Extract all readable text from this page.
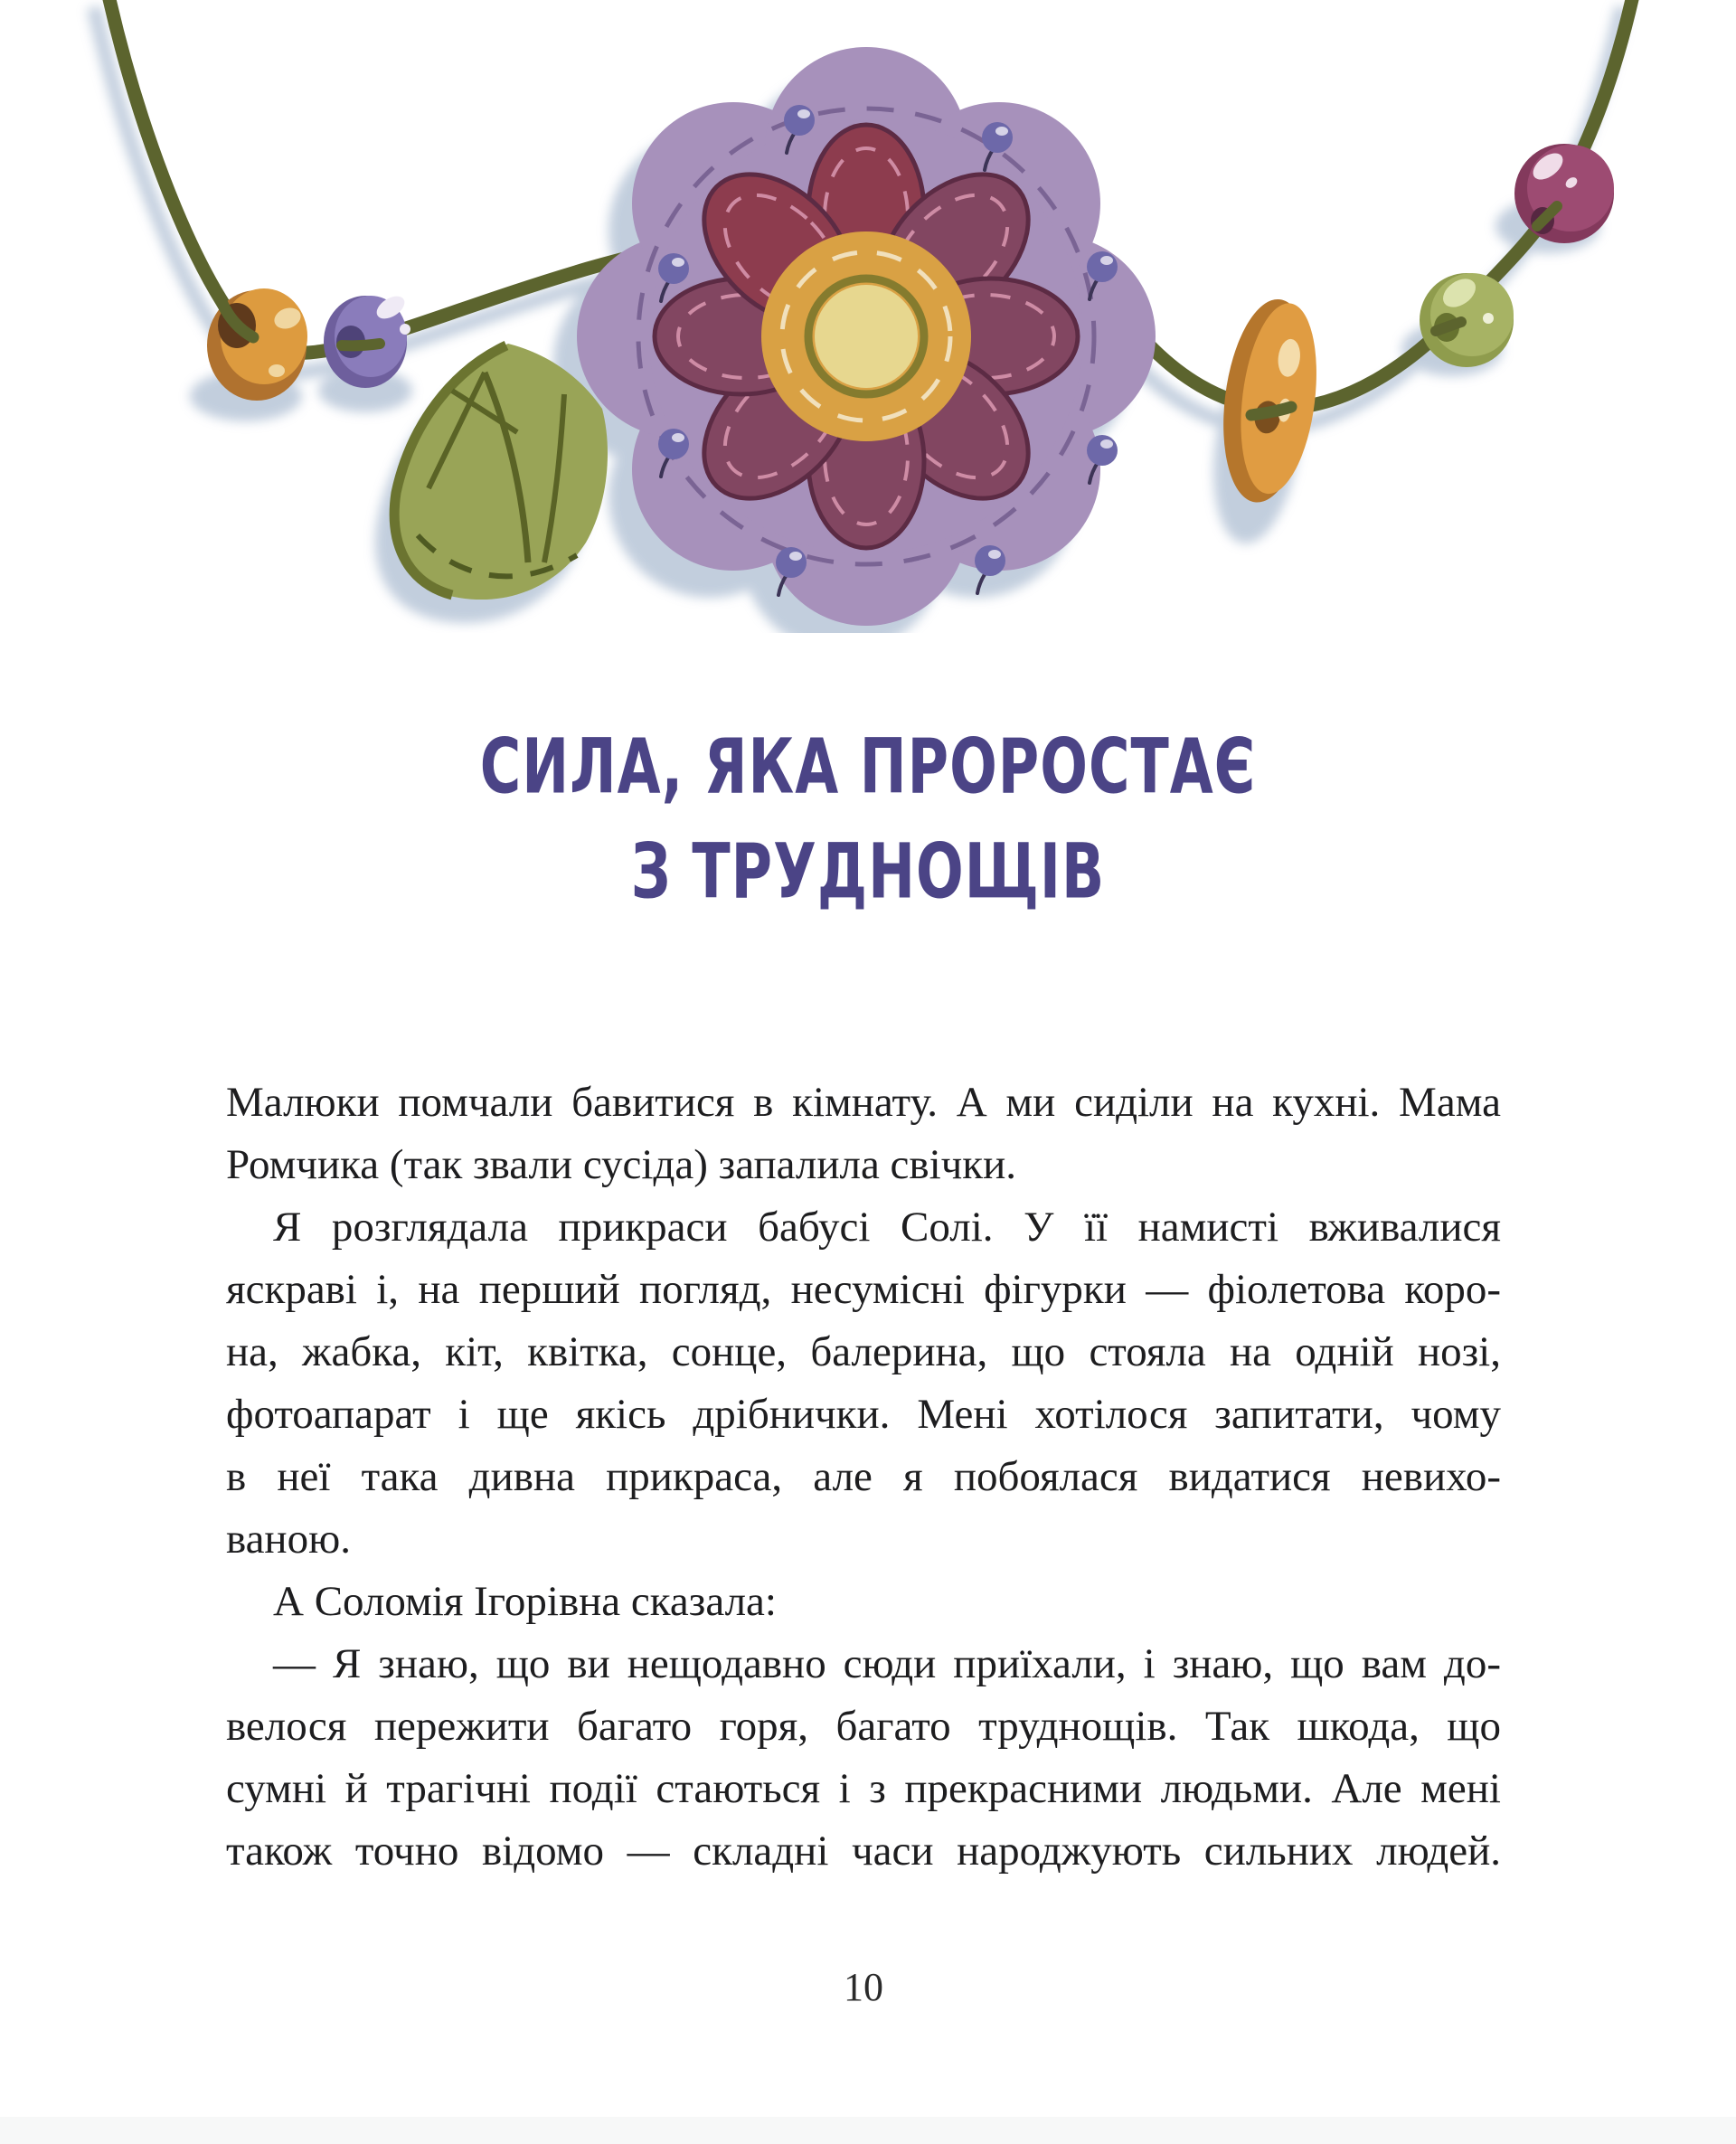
СИЛА, ЯКА ПРОРОСТАЄ
З ТРУДНОЩІВ
Малюки помчали бавитися в кімнату. А ми сиділи на кухні. Мама
Ромчика (так звали сусіда) запалила свічки.
Я розглядала прикраси бабусі Солі. У її намисті вживалися
яскраві і, на перший погляд, несумісні фігурки — фіолетова коро-
на, жабка, кіт, квітка, сонце, балерина, що стояла на одній нозі,
фотоапарат і ще якісь дрібнички. Мені хотілося запитати, чому
в неї така дивна прикраса, але я побоялася видатися невихо-
ваною.
А Соломія Ігорівна сказала:
— Я знаю, що ви нещодавно сюди приїхали, і знаю, що вам до-
велося пережити багато горя, багато труднощів. Так шкода, що
сумні й трагічні події стаються і з прекрасними людьми. Але мені
також точно відомо — складні часи народжують сильних людей.
10
